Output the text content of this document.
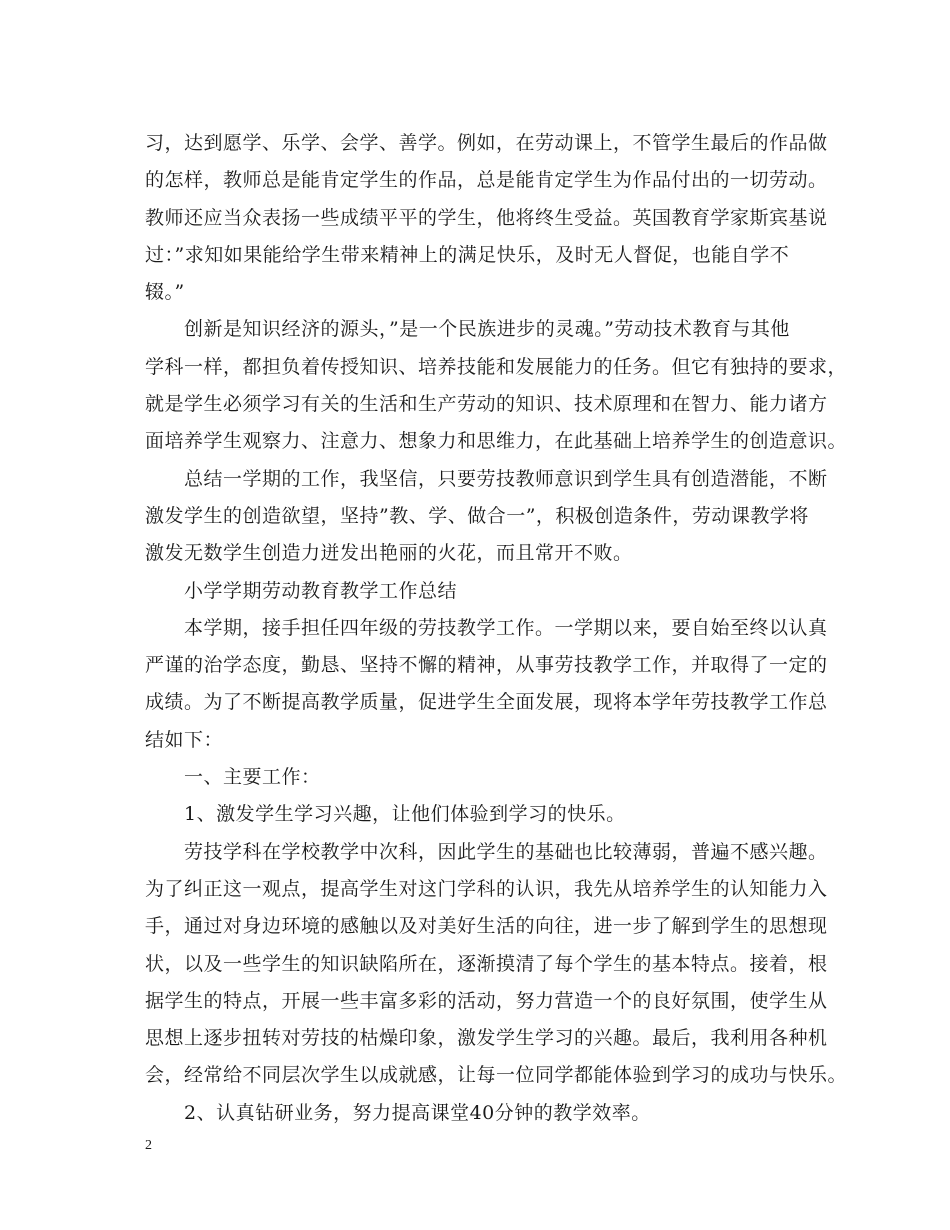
习，达到愿学、乐学、会学、善学。例如，在劳动课上，不管学生最后的作品做
的怎样，教师总是能肯定学生的作品，总是能肯定学生为作品付出的一切劳动。
教师还应当众表扬一些成绩平平的学生，他将终生受益。英国教育学家斯宾基说
过：”求知如果能给学生带来精神上的满足快乐，及时无人督促，也能自学不
辍。”
　　创新是知识经济的源头，”是一个民族进步的灵魂。”劳动技术教育与其他
学科一样，都担负着传授知识、培养技能和发展能力的任务。但它有独持的要求，
就是学生必须学习有关的生活和生产劳动的知识、技术原理和在智力、能力诸方
面培养学生观察力、注意力、想象力和思维力，在此基础上培养学生的创造意识。
　　总结一学期的工作，我坚信，只要劳技教师意识到学生具有创造潜能，不断
激发学生的创造欲望，坚持”教、学、做合一”，积极创造条件，劳动课教学将
激发无数学生创造力迸发出艳丽的火花，而且常开不败。
　　小学学期劳动教育教学工作总结
　　本学期，接手担任四年级的劳技教学工作。一学期以来，要自始至终以认真
严谨的治学态度，勤恳、坚持不懈的精神，从事劳技教学工作，并取得了一定的
成绩。为了不断提高教学质量，促进学生全面发展，现将本学年劳技教学工作总
结如下：
　　一、主要工作：
　　1、激发学生学习兴趣，让他们体验到学习的快乐。
　　劳技学科在学校教学中次科，因此学生的基础也比较薄弱，普遍不感兴趣。
为了纠正这一观点，提高学生对这门学科的认识，我先从培养学生的认知能力入
手，通过对身边环境的感触以及对美好生活的向往，进一步了解到学生的思想现
状，以及一些学生的知识缺陷所在，逐渐摸清了每个学生的基本特点。接着，根
据学生的特点，开展一些丰富多彩的活动，努力营造一个的良好氛围，使学生从
思想上逐步扭转对劳技的枯燥印象，激发学生学习的兴趣。最后，我利用各种机
会，经常给不同层次学生以成就感，让每一位同学都能体验到学习的成功与快乐。
　　2、认真钻研业务，努力提高课堂40分钟的教学效率。
2
